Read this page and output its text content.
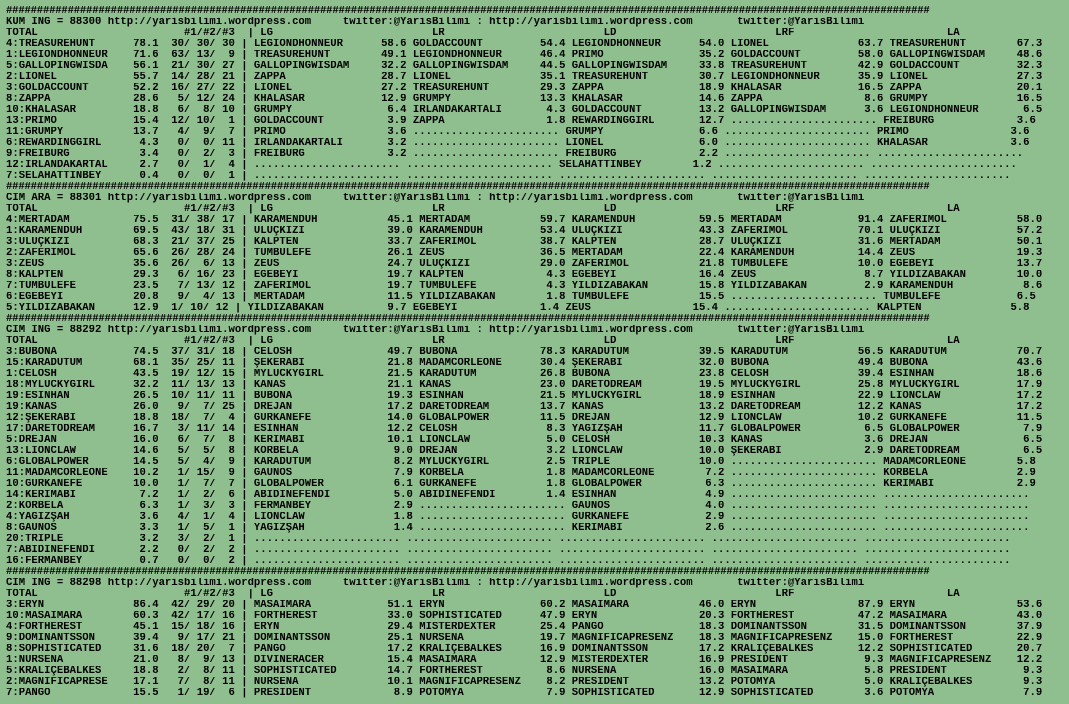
######################################################################################################################################################
KUM ING = 88300 http://yarisbilimi.wordpress.com     twitter:@YarisBilimi : http://yarisbilimi.wordpress.com       twitter:@YarisBilimi
TOTAL                       #1/#2/#3  | LG                         LR                         LD                         LRF                        LA
4:TREASUREHUNT      78.1  30/ 30/ 30 | LEGIONDHONNEUR      58.6 GOLDACCOUNT         54.4 LEGIONDHONNEUR      54.0 LIONEL              63.7 TREASUREHUNT        67.3
1:LEGIONDHONNEUR    71.6  63/ 13/  9 | TREASUREHUNT        49.1 LEGIONDHONNEUR      46.4 PRIMO               35.2 GOLDACCOUNT         58.0 GALLOPINGWISDAM     48.6
5:GALLOPINGWISDA    56.1  21/ 30/ 27 | GALLOPINGWISDAM     32.2 GALLOPINGWISDAM     44.5 GALLOPINGWISDAM     33.8 TREASUREHUNT        42.9 GOLDACCOUNT         32.3
2:LIONEL            55.7  14/ 28/ 21 | ZAPPA               28.7 LIONEL              35.1 TREASUREHUNT        30.7 LEGIONDHONNEUR      35.9 LIONEL              27.3
3:GOLDACCOUNT       52.2  16/ 27/ 22 | LIONEL              27.2 TREASUREHUNT        29.3 ZAPPA               18.9 KHALASAR            16.5 ZAPPA               20.1
8:ZAPPA             28.6   5/ 12/ 24 | KHALASAR            12.9 GRUMPY              13.3 KHALASAR            14.6 ZAPPA                8.6 GRUMPY              16.5
10:KHALASAR         18.8   6/  8/ 10 | GRUMPY               6.4 İRLANDAKARTALI       4.3 GOLDACCOUNT         13.2 GALLOPINGWISDAM      3.6 LEGIONDHONNEUR       6.5
13:PRIMO            15.4  12/ 10/  1 | GOLDACCOUNT          3.9 ZAPPA                1.8 REWARDINGGIRL       12.7 ....................... FREIBURG             3.6
11:GRUMPY           13.7   4/  9/  7 | PRIMO                3.6 ....................... GRUMPY               6.6 ....................... PRIMO                3.6
6:REWARDINGGIRL      4.3   0/  0/ 11 | İRLANDAKARTALI       3.2 ....................... LIONEL               6.0 ....................... KHALASAR             3.6
9:FREIBURG           3.4   0/  2/  3 | FREIBURG             3.2 ....................... FREIBURG             2.2 ....................... .......................
12:İRLANDAKARTAL     2.7   0/  1/  4 | ....................... ....................... SELAHATTİNBEY        1.2 ....................... .......................
7:SELAHATTİNBEY      0.4   0/  0/  1 | ....................... ....................... ....................... ....................... .......................
######################################################################################################################################################
CIM ARA = 88301 http://yarisbilimi.wordpress.com     twitter:@YarisBilimi : http://yarisbilimi.wordpress.com       twitter:@YarisBilimi
TOTAL                       #1/#2/#3  | LG                         LR                         LD                         LRF                        LA
4:MERTADAM          75.5  31/ 38/ 17 | KARAMENDUH           45.1 MERTADAM           59.7 KARAMENDUH          59.5 MERTADAM            91.4 ZAFERİMOL           58.0
1:KARAMENDUH        69.5  43/ 18/ 31 | ULUÇKIZI             39.0 KARAMENDUH         53.4 ULUÇKIZI            43.3 ZAFERİMOL           70.1 ULUÇKIZI            57.2
3:ULUÇKIZI          68.3  21/ 37/ 25 | KALPTEN              33.7 ZAFERİMOL          38.7 KALPTEN             28.7 ULUÇKIZI            31.6 MERTADAM            50.1
2:ZAFERİMOL         65.6  26/ 28/ 24 | TUMBULEFE            26.1 ZEUS               36.5 MERTADAM            22.4 KARAMENDUH          14.4 ZEUS                19.3
3:ZEUS              35.6  26/  6/ 13 | ZEUS                 24.7 ULUÇKIZI           29.0 ZAFERİMOL           21.8 TUMBULEFE           10.0 EGEBEYİ             13.7
8:KALPTEN           29.3   6/ 16/ 23 | EGEBEYİ              19.7 KALPTEN             4.3 EGEBEYİ             16.4 ZEUS                 8.7 YILDIZABAKAN        10.0
7:TUMBULEFE         23.5   7/ 13/ 12 | ZAFERİMOL            19.7 TUMBULEFE           4.3 YILDIZABAKAN        15.8 YILDIZABAKAN         2.9 KARAMENDUH           8.6
6:EGEBEYİ           20.8   9/  4/ 13 | MERTADAM             11.5 YILDIZABAKAN        1.8 TUMBULEFE           15.5 ....................... TUMBULEFE            6.5
5:YILDIZABAKAN      12.9  1/ 10/ 12 | YILDIZABAKAN          9.7 EGEBEYİ             1.4 ZEUS                15.4 ....................... KALPTEN              5.8
######################################################################################################################################################
CIM ING = 88292 http://yarisbilimi.wordpress.com     twitter:@YarisBilimi : http://yarisbilimi.wordpress.com       twitter:@YarisBilimi
TOTAL                       #1/#2/#3  | LG                         LR                         LD                         LRF                        LA
3:BUBONA            74.5  37/ 31/ 18 | CELOSH               49.7 BUBONA             78.3 KARADUTUM           39.5 KARADUTUM           56.5 KARADUTUM           70.7
15:KARADUTUM        68.1  35/ 25/ 11 | ŞEKERABİ             21.8 MADAMCORLEONE      30.4 ŞEKERABİ            32.0 BUBONA              49.4 BUBONA              43.6
1:CELOSH            43.5  19/ 12/ 15 | MYLUCKYGIRL          21.5 KARADUTUM          26.8 BUBONA              23.8 CELOSH              39.4 ESİNHAN             18.6
18:MYLUCKYGIRL      32.2  11/ 13/ 13 | KANAS                21.1 KANAS              23.0 DARETODREAM         19.5 MYLUCKYGIRL         25.8 MYLUCKYGIRL         17.9
19:ESİNHAN          26.5  10/ 11/ 11 | BUBONA               19.3 ESİNHAN            21.5 MYLUCKYGIRL         18.9 ESİNHAN             22.9 LIONCLAW            17.2
19:KANAS            26.0   9/  7/ 25 | DREJAN               17.2 DARETODREAM        13.7 KANAS               13.2 DARETODREAM         12.2 KANAS               17.2
12:ŞEKERABİ         18.8  18/  7/  4 | GÜRKANEFE            14.0 GLOBALPOWER        11.5 DREJAN              12.9 LIONCLAW            10.2 GÜRKANEFE           11.5
17:DARETODREAM      16.7   3/ 11/ 14 | ESİNHAN              12.2 CELOSH              8.3 YAĞIZŞAH            11.7 GLOBALPOWER          6.5 GLOBALPOWER          7.9
5:DREJAN            16.0   6/  7/  8 | KERİMABİ             10.1 LIONCLAW            5.0 CELOSH              10.3 KANAS                3.6 DREJAN               6.5
13:LIONCLAW         14.6   5/  5/  8 | KÖRBELA               9.0 DREJAN              3.2 LIONCLAW            10.0 ŞEKERABİ             2.9 DARETODREAM          6.5
6:GLOBALPOWER       14.5   5/  4/  9 | KARADUTUM             8.2 MYLUCKYGIRL         2.5 TRIPLE              10.0 ....................... MADAMCORLEONE        5.8
11:MADAMCORLEONE    10.2   1/ 15/  9 | GAUNOS                7.9 KÖRBELA             1.8 MADAMCORLEONE        7.2 ....................... KÖRBELA              2.9
10:GÜRKANEFE        10.0   1/  7/  7 | GLOBALPOWER           6.1 GÜRKANEFE           1.8 GLOBALPOWER          6.3 ....................... KERİMABİ             2.9
14:KERİMABİ          7.2   1/  2/  6 | ABİDİNEFENDİ          5.0 ABİDİNEFENDİ        1.4 ESİNHAN              4.9 ....................... .......................
2:KÖRBELA            6.3   1/  3/  3 | FERMANBEY             2.9 ....................... GAUNOS               4.0 ....................... .......................
4:YAĞIZŞAH           3.6   4/  1/  4 | LIONCLAW              1.8 ....................... GÜRKANEFE            2.9 ....................... .......................
8:GAUNOS             3.3   1/  5/  1 | YAĞIZŞAH              1.4 ....................... KERİMABİ             2.6 ....................... .......................
20:TRIPLE            3.2   3/  2/  1 | ....................... ....................... ....................... ....................... .......................
7:ABİDİNEFENDİ       2.2   0/  2/  2 | ....................... ....................... ....................... ....................... .......................
16:FERMANBEY         0.7   0/  0/  2 | ....................... ....................... ....................... ....................... .......................
######################################################################################################################################################
CIM ING = 88298 http://yarisbilimi.wordpress.com     twitter:@YarisBilimi : http://yarisbilimi.wordpress.com       twitter:@YarisBilimi
TOTAL                       #1/#2/#3  | LG                         LR                         LD                         LRF                        LA
3:ERYN              86.4  42/ 29/ 20 | MASAIMARA            51.1 ERYN               60.2 MASAIMARA           46.0 ERYN                87.9 ERYN                53.6
10:MASAIMARA        60.3  42/ 17/ 16 | FORTHEREST           33.0 SOPHISTICATED      47.9 ERYN                20.3 FORTHEREST          47.2 MASAIMARA           43.0
4:FORTHEREST        45.1  15/ 18/ 16 | ERYN                 29.4 MISTERDEXTER       25.4 PANGO               18.3 DOMINANTSSON        31.5 DOMINANTSSON        37.9
9:DOMINANTSSON      39.4   9/ 17/ 21 | DOMINANTSSON         25.1 NURSENA            19.7 MAGNIFICAPRESENZ    18.3 MAGNIFICAPRESENZ    15.0 FORTHEREST          22.9
8:SOPHISTICATED     31.6  18/ 20/  7 | PANGO                17.2 KRALİÇEBALKES      16.9 DOMINANTSSON        17.2 KRALİÇEBALKES       12.2 SOPHISTICATED       20.7
1:NURSENA           21.0   8/  9/ 13 | DIVINERACER          15.4 MASAIMARA          12.9 MISTERDEXTER        16.9 PRESIDENT            9.3 MAGNIFICAPRESENZ    12.2
5:KRALİÇEBALKES     18.8   2/  8/ 11 | SOPHISTICATED        14.7 FORTHEREST          8.6 NURSENA             16.0 MASAIMARA            5.8 PRESIDENT            9.3
2:MAGNİFICAPRESE    17.1   7/  8/ 11 | NURSENA              10.1 MAGNIFICAPRESENZ    8.2 PRESIDENT           13.2 POTOMYA              5.0 KRALİÇEBALKES        9.3
7:PANGO             15.5   1/ 19/  6 | PRESIDENT             8.9 POTOMYA             7.9 SOPHISTICATED       12.9 SOPHISTICATED        3.6 POTOMYA              7.9
